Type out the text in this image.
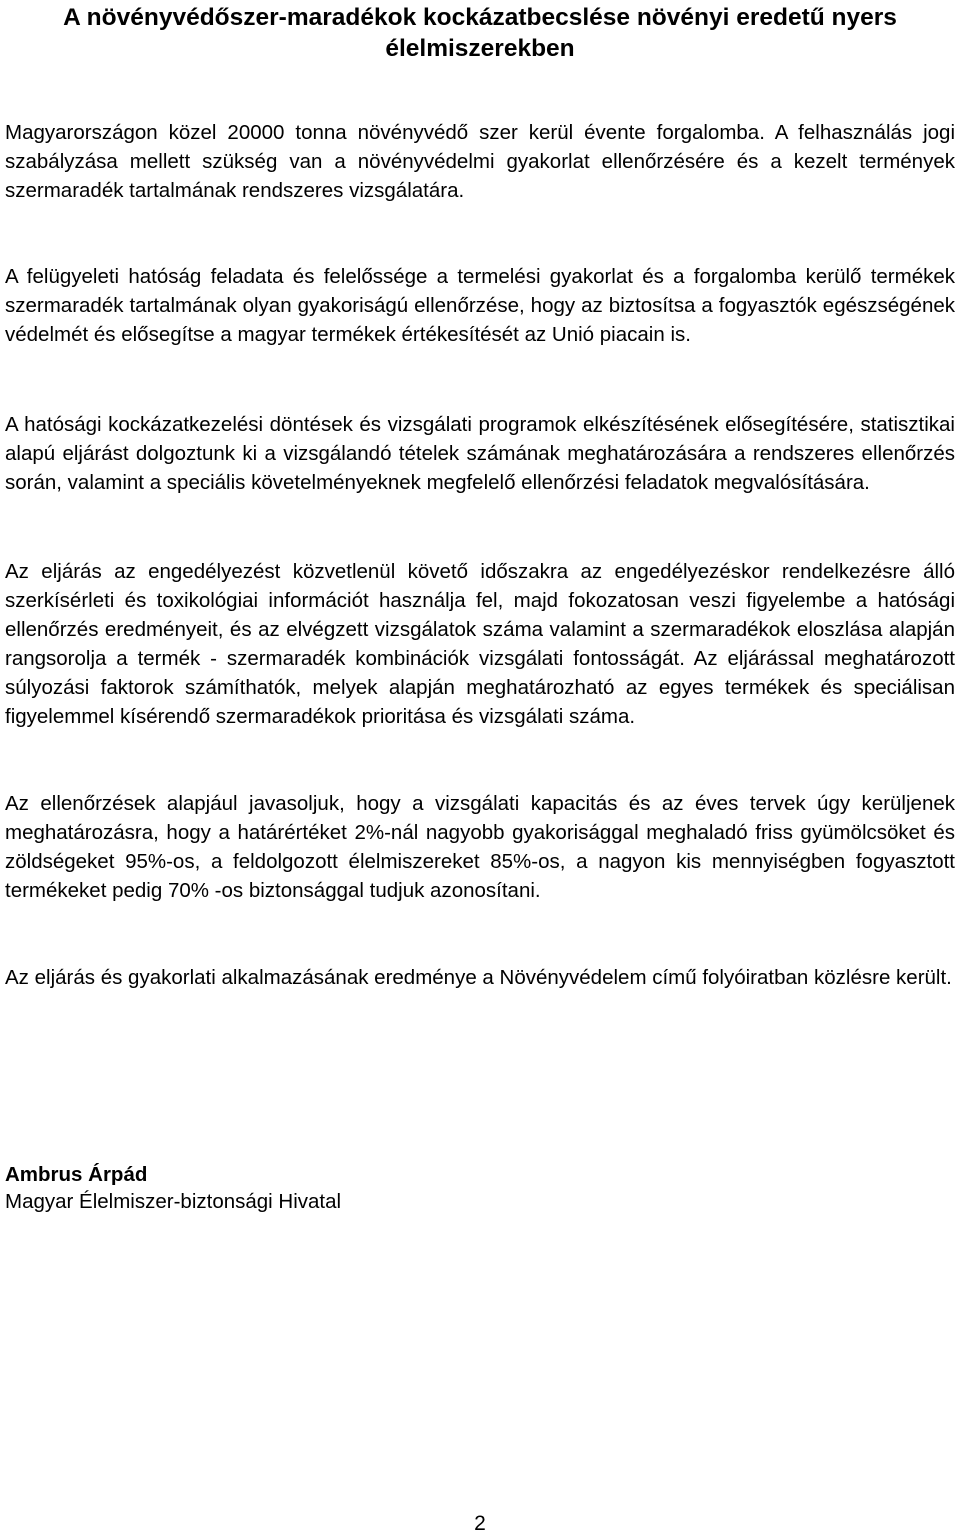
A növényvédőszer-maradékok kockázatbecslése növényi eredetű nyers élelmiszerekben

Magyarországon közel 20000 tonna növényvédő szer kerül évente forgalomba. A felhasználás jogi szabályzása mellett szükség van a növényvédelmi gyakorlat ellenőrzésére és a kezelt termények szermaradék tartalmának rendszeres vizsgálatára.

A felügyeleti hatóság feladata és felelőssége a termelési gyakorlat és a forgalomba kerülő termékek szermaradék tartalmának olyan gyakoriságú ellenőrzése, hogy az biztosítsa a fogyasztók egészségének védelmét és elősegítse a magyar termékek értékesítését az Unió piacain is.

A hatósági kockázatkezelési döntések és vizsgálati programok elkészítésének elősegítésére, statisztikai alapú eljárást dolgoztunk ki a vizsgálandó tételek számának meghatározására a rendszeres ellenőrzés során, valamint a speciális követelményeknek megfelelő ellenőrzési feladatok megvalósítására.

Az eljárás az engedélyezést közvetlenül követő időszakra az engedélyezéskor rendelkezésre álló szerkísérleti és toxikológiai információt használja fel, majd fokozatosan veszi figyelembe a hatósági ellenőrzés eredményeit, és az elvégzett vizsgálatok száma valamint a szermaradékok eloszlása alapján rangsorolja a termék - szermaradék kombinációk vizsgálati fontosságát. Az eljárással meghatározott súlyozási faktorok számíthatók, melyek alapján meghatározható az egyes termékek és speciálisan figyelemmel kísérendő szermaradékok prioritása és vizsgálati száma.

Az ellenőrzések alapjául javasoljuk, hogy a vizsgálati kapacitás és az éves tervek úgy kerüljenek meghatározásra, hogy a határértéket 2%-nál nagyobb gyakorisággal meghaladó friss gyümölcsöket és zöldségeket 95%-os, a feldolgozott élelmiszereket 85%-os, a nagyon kis mennyiségben fogyasztott termékeket pedig 70% -os biztonsággal tudjuk azonosítani.

Az eljárás és gyakorlati alkalmazásának eredménye a Növényvédelem című folyóiratban közlésre került.

Ambrus Árpád
Magyar Élelmiszer-biztonsági Hivatal
2
